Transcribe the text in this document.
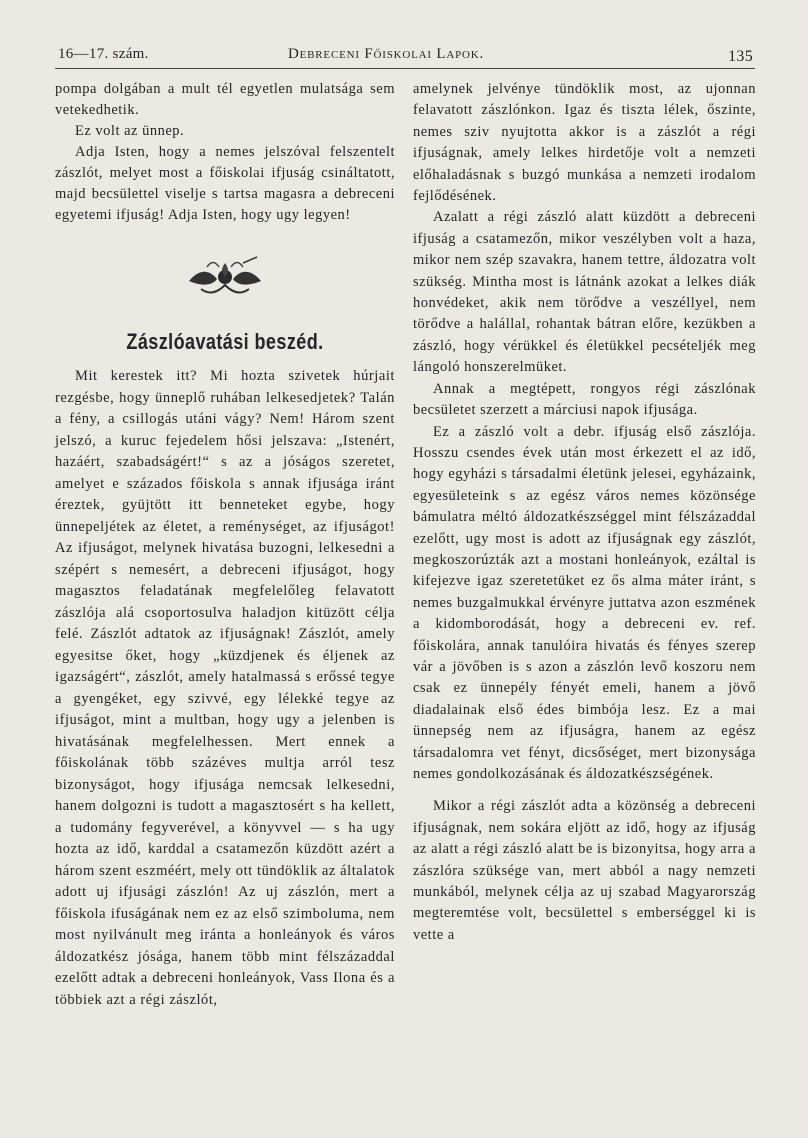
16—17. szám.	Debreceni Főiskolai Lapok.	135

pompa dolgában a mult tél egyetlen mulatsága sem vetekedhetik.

Ez volt az ünnep.

Adja Isten, hogy a nemes jelszóval felszentelt zászlót, melyet most a főiskolai ifjuság csináltatott, majd becsülettel viselje s tartsa magasra a debreceni egyetemi ifjuság! Adja Isten, hogy ugy legyen!

Zászlóavatási beszéd.

Mit kerestek itt? Mi hozta szivetek húrjait rezgésbe, hogy ünneplő ruhában lelkesedjetek? Talán a fény, a csillogás utáni vágy? Nem! Három szent jelszó, a kuruc fejedelem hősi jelszava: „Istenért, hazáért, szabadságért!“ s az a jóságos szeretet, amelyet e százados főiskola s annak ifjusága iránt éreztek, gyüjtött itt benneteket egybe, hogy ünnepeljétek az életet, a reménységet, az ifjuságot! Az ifjuságot, melynek hivatása buzogni, lelkesedni a szépért s nemesért, a debreceni ifjuságot, hogy magasztos feladatának megfelelőleg felavatott zászlója alá csoportosulva haladjon kitüzött célja felé. Zászlót adtatok az ifjuságnak! Zászlót, amely egyesitse őket, hogy „küzdjenek és éljenek az igazságért“, zászlót, amely hatalmassá s erőssé tegye a gyengéket, egy szivvé, egy lélekké tegye az ifjuságot, mint a multban, hogy ugy a jelenben is hivatásának megfelelhessen. Mert ennek a főiskolának több százéves multja arról tesz bizonyságot, hogy ifjusága nemcsak lelkesedni, hanem dolgozni is tudott a magasztosért s ha kellett, a tudomány fegyverével, a könyvvel — s ha ugy hozta az idő, karddal a csatamezőn küzdött azért a három szent eszméért, mely ott tündöklik az általatok adott uj ifjusági zászlón! Az uj zászlón, mert a főiskola ifuságának nem ez az első szimboluma, nem most nyilvánult meg iránta a honleányok és város áldozatkész jósága, hanem több mint félszázaddal ezelőtt adtak a debreceni honleányok, Vass Ilona és a többiek azt a régi zászlót,

amelynek jelvénye tündöklik most, az ujonnan felavatott zászlónkon. Igaz és tiszta lélek, őszinte, nemes sziv nyujtotta akkor is a zászlót a régi ifjuságnak, amely lelkes hirdetője volt a nemzeti előhaladásnak s buzgó munkása a nemzeti irodalom fejlődésének.

Azalatt a régi zászló alatt küzdött a debreceni ifjuság a csatamezőn, mikor veszélyben volt a haza, mikor nem szép szavakra, hanem tettre, áldozatra volt szükség. Mintha most is látnánk azokat a lelkes diák honvédeket, akik nem törődve a veszéllyel, nem törődve a halállal, rohantak bátran előre, kezükben a zászló, hogy vérükkel és életükkel pecsételjék meg lángoló honszerelmüket.

Annak a megtépett, rongyos régi zászlónak becsületet szerzett a márciusi napok ifjusága.

Ez a zászló volt a debr. ifjuság első zászlója. Hosszu csendes évek után most érkezett el az idő, hogy egyházi s társadalmi életünk jelesei, egyházaink, egyesületeink s az egész város nemes közönsége bámulatra méltó áldozatkészséggel mint félszázaddal ezelőtt, ugy most is adott az ifjuságnak egy zászlót, megkoszorúzták azt a mostani honleányok, ezáltal is kifejezve igaz szeretetüket ez ős alma máter iránt, s nemes buzgalmukkal érvényre juttatva azon eszmének a kidomborodását, hogy a debreceni ev. ref. főiskolára, annak tanulóira hivatás és fényes szerep vár a jövőben is s azon a zászlón levő koszoru nem csak ez ünnepély fényét emeli, hanem a jövő diadalainak első édes bimbója lesz. Ez a mai ünnepség nem az ifjuságra, hanem az egész társadalomra vet fényt, dicsőséget, mert bizonysága nemes gondolkozásának és áldozatkészségének.

Mikor a régi zászlót adta a közönség a debreceni ifjuságnak, nem sokára eljött az idő, hogy az ifjuság az alatt a régi zászló alatt be is bizonyitsa, hogy arra a zászlóra szüksége van, mert abból a nagy nemzeti munkából, melynek célja az uj szabad Magyarország megteremtése volt, becsülettel s emberséggel ki is vette a
